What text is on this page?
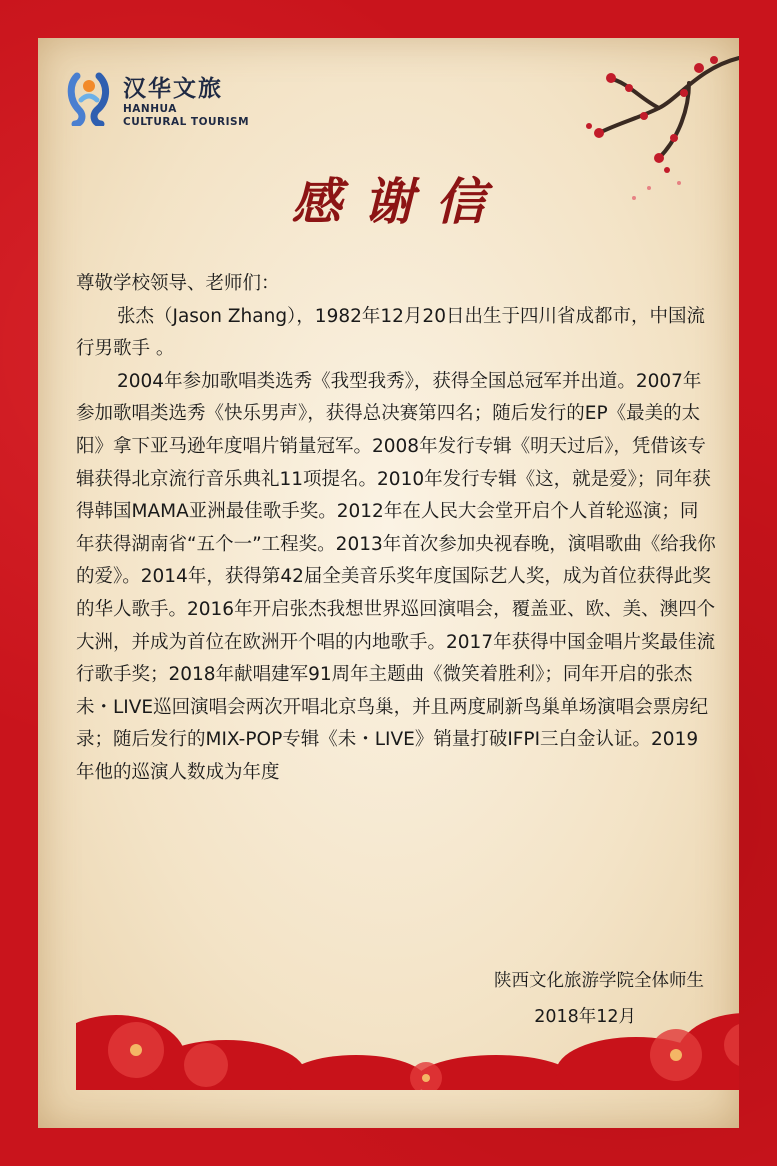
汉华文旅
HANHUA
CULTURAL TOURISM
感谢信

尊敬学校领导、老师们：

张杰（Jason Zhang），1982年12月20日出生于四川省成都市，中国流行男歌手 。

2004年参加歌唱类选秀《我型我秀》，获得全国总冠军并出道。2007年参加歌唱类选秀《快乐男声》，获得总决赛第四名；随后发行的EP《最美的太阳》拿下亚马逊年度唱片销量冠军。2008年发行专辑《明天过后》，凭借该专辑获得北京流行音乐典礼11项提名。2010年发行专辑《这，就是爱》；同年获得韩国MAMA亚洲最佳歌手奖。2012年在人民大会堂开启个人首轮巡演；同年获得湖南省“五个一”工程奖。2013年首次参加央视春晚，演唱歌曲《给我你的爱》。2014年，获得第42届全美音乐奖年度国际艺人奖，成为首位获得此奖的华人歌手。2016年开启张杰我想世界巡回演唱会，覆盖亚、欧、美、澳四个大洲，并成为首位在欧洲开个唱的内地歌手。2017年获得中国金唱片奖最佳流行歌手奖；2018年献唱建军91周年主题曲《微笑着胜利》；同年开启的张杰未・LIVE巡回演唱会两次开唱北京鸟巢，并且两度刷新鸟巢单场演唱会票房纪录；随后发行的MIX-POP专辑《未・LIVE》销量打破IFPI三白金认证。2019年他的巡演人数成为年度

陕西文化旅游学院全体师生
2018年12月
